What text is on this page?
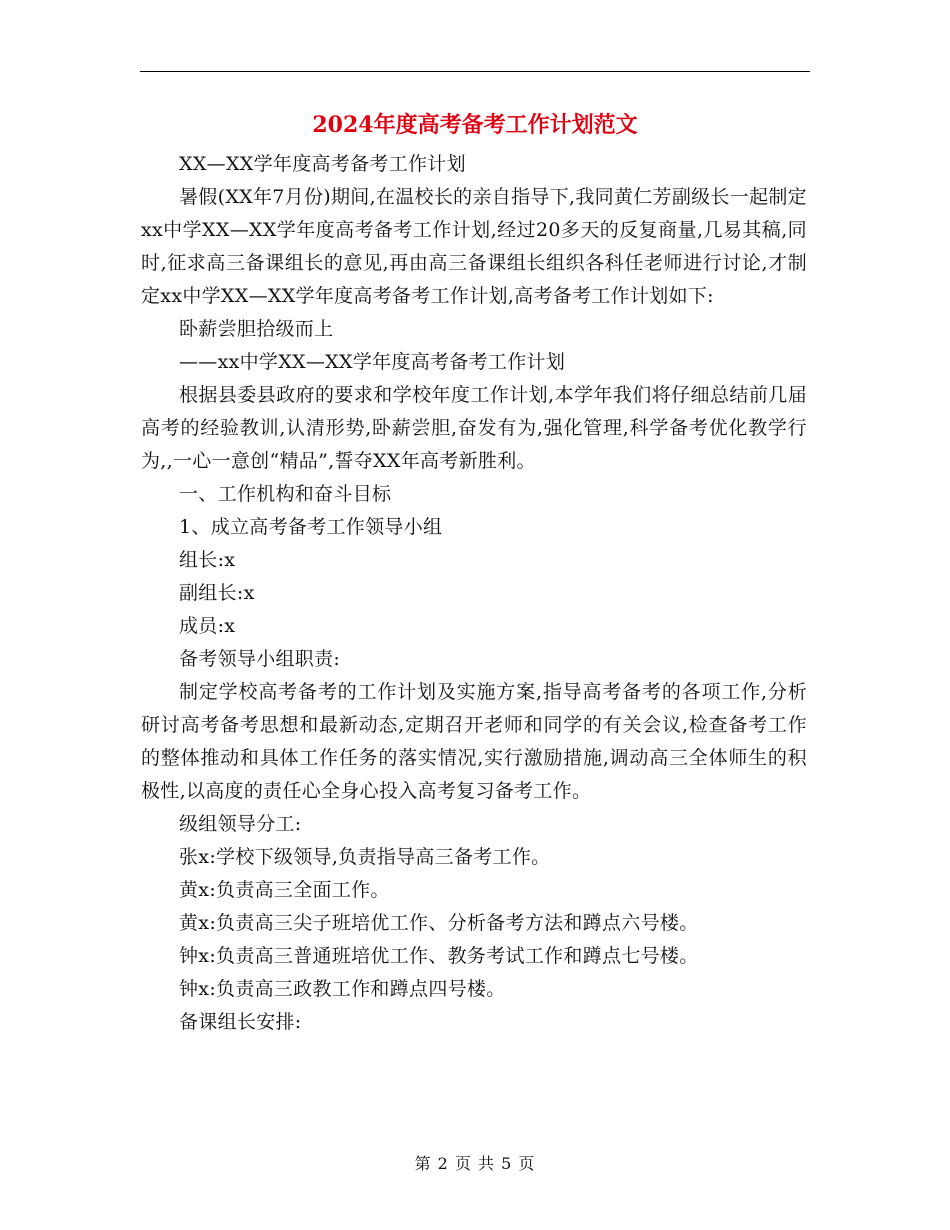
2024年度高考备考工作计划范文

XX—XX学年度高考备考工作计划

暑假(XX年7月份)期间,在温校长的亲自指导下,我同黄仁芳副级长一起制定xx中学XX—XX学年度高考备考工作计划,经过20多天的反复商量,几易其稿,同时,征求高三备课组长的意见,再由高三备课组长组织各科任老师进行讨论,才制定xx中学XX—XX学年度高考备考工作计划,高考备考工作计划如下:

卧薪尝胆拾级而上

——xx中学XX—XX学年度高考备考工作计划

根据县委县政府的要求和学校年度工作计划,本学年我们将仔细总结前几届高考的经验教训,认清形势,卧薪尝胆,奋发有为,强化管理,科学备考优化教学行为,,一心一意创“精品”,誓夺XX年高考新胜利。

一、工作机构和奋斗目标

1、成立高考备考工作领导小组

组长:x

副组长:x

成员:x

备考领导小组职责:

制定学校高考备考的工作计划及实施方案,指导高考备考的各项工作,分析研讨高考备考思想和最新动态,定期召开老师和同学的有关会议,检查备考工作的整体推动和具体工作任务的落实情况,实行激励措施,调动高三全体师生的积极性,以高度的责任心全身心投入高考复习备考工作。

级组领导分工:

张x:学校下级领导,负责指导高三备考工作。

黄x:负责高三全面工作。

黄x:负责高三尖子班培优工作、分析备考方法和蹲点六号楼。

钟x:负责高三普通班培优工作、教务考试工作和蹲点七号楼。

钟x:负责高三政教工作和蹲点四号楼。

备课组长安排:

第 2 页 共 5 页
